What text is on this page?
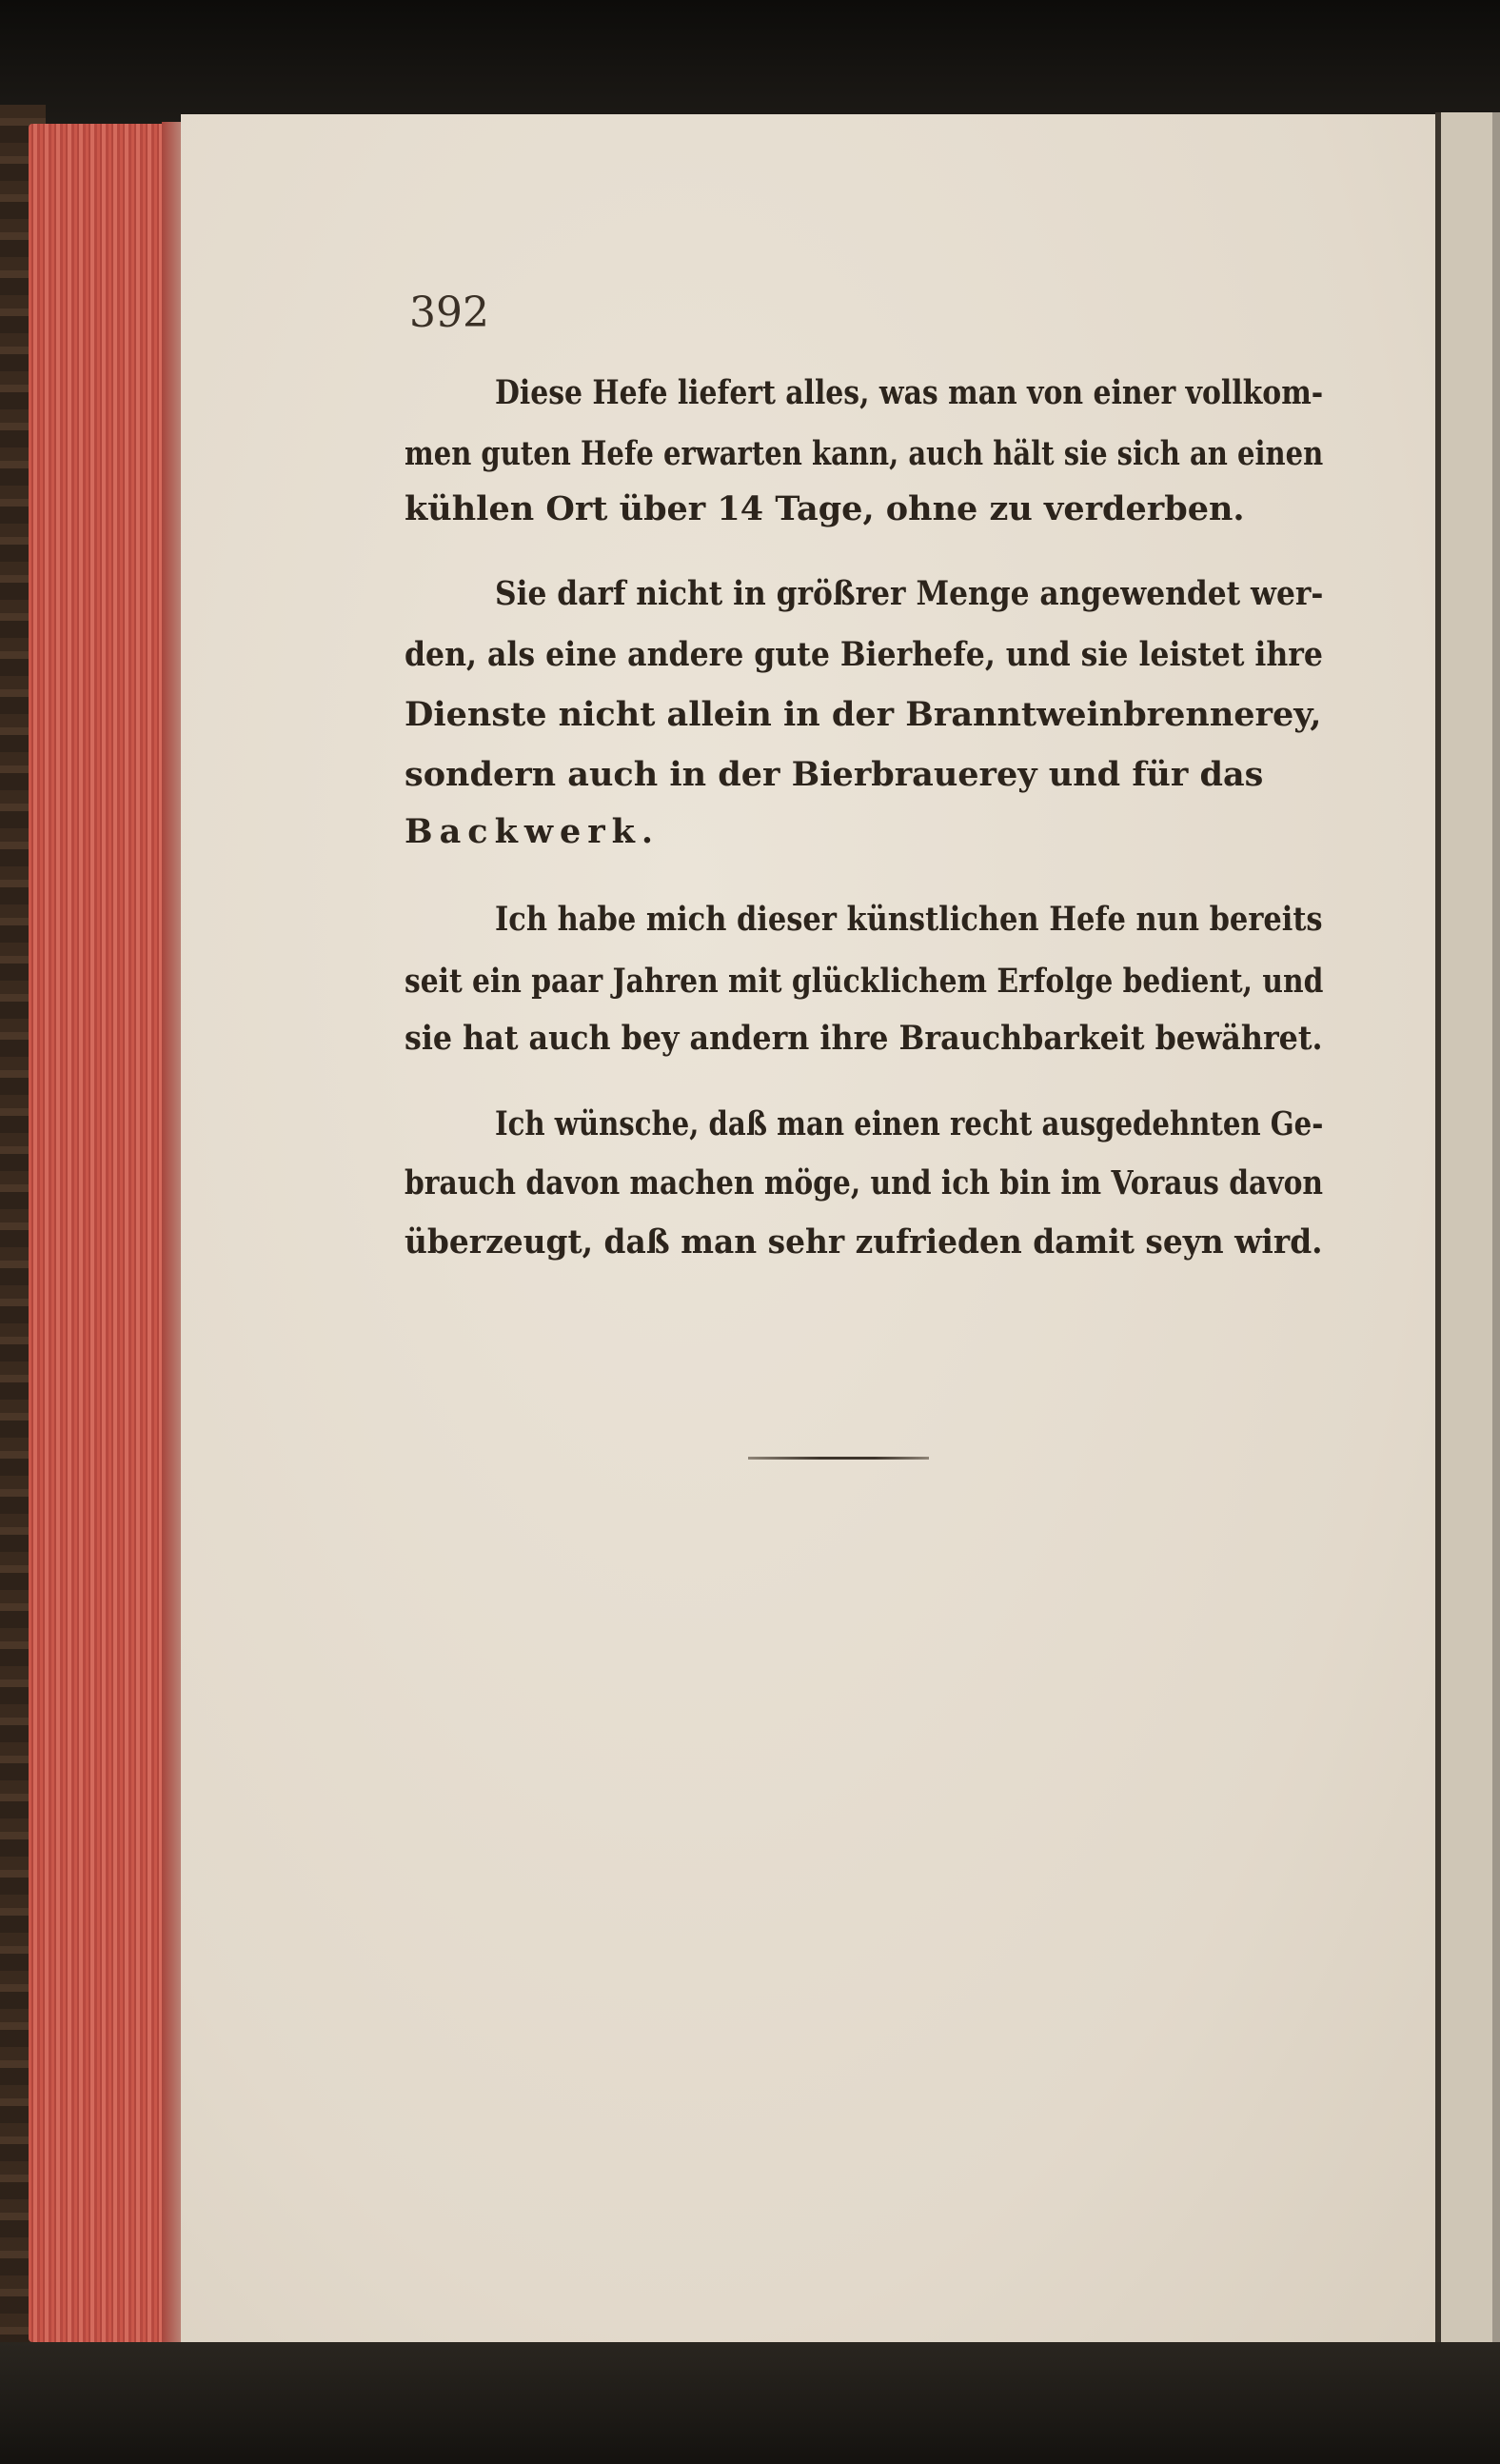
392
Diese Hefe liefert alles, was man von einer vollkom-
men guten Hefe erwarten kann, auch hält sie sich an einen
kühlen Ort über 14 Tage, ohne zu verderben.
Sie darf nicht in größrer Menge angewendet wer-
den, als eine andere gute Bierhefe, und sie leistet ihre
Dienste nicht allein in der Branntweinbrennerey,
sondern auch in der Bierbrauerey und für das
Backwerk.
Ich habe mich dieser künstlichen Hefe nun bereits
seit ein paar Jahren mit glücklichem Erfolge bedient, und
sie hat auch bey andern ihre Brauchbarkeit bewähret.
Ich wünsche, daß man einen recht ausgedehnten Ge-
brauch davon machen möge, und ich bin im Voraus davon
überzeugt, daß man sehr zufrieden damit seyn wird.
